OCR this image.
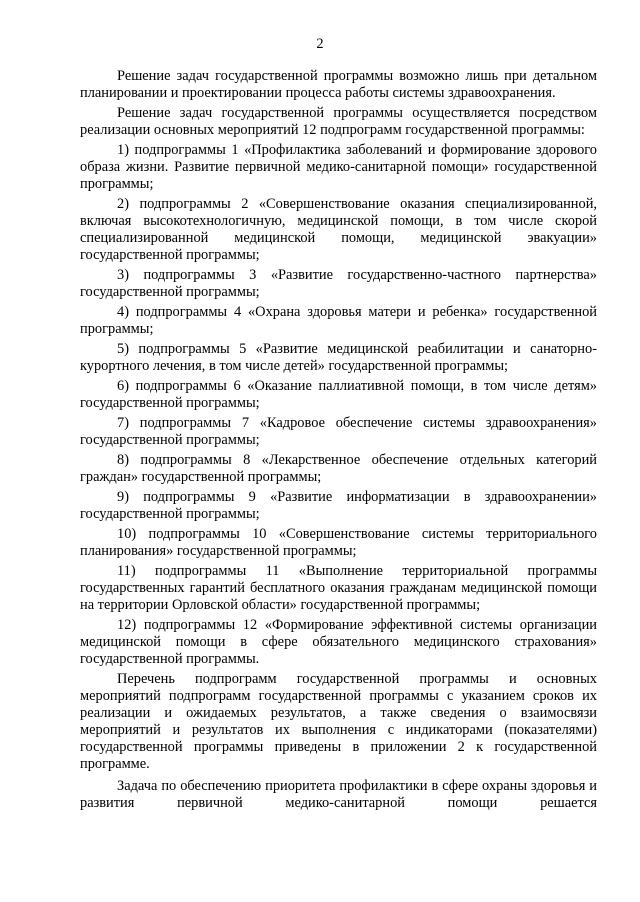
2

Решение задач государственной программы возможно лишь при детальном планировании и проектировании процесса работы системы здравоохранения.

Решение задач государственной программы осуществляется посредством реализации основных мероприятий 12 подпрограмм государственной программы:

1) подпрограммы 1 «Профилактика заболеваний и формирование здорового образа жизни. Развитие первичной медико-санитарной помощи» государственной программы;

2) подпрограммы 2 «Совершенствование оказания специализированной, включая высокотехнологичную, медицинской помощи, в том числе скорой специализированной медицинской помощи, медицинской эвакуации» государственной программы;

3) подпрограммы 3 «Развитие государственно-частного партнерства» государственной программы;

4) подпрограммы 4 «Охрана здоровья матери и ребенка» государственной программы;

5) подпрограммы 5 «Развитие медицинской реабилитации и санаторно-курортного лечения, в том числе детей» государственной программы;

6) подпрограммы 6 «Оказание паллиативной помощи, в том числе детям» государственной программы;

7) подпрограммы 7 «Кадровое обеспечение системы здравоохранения» государственной программы;

8) подпрограммы 8 «Лекарственное обеспечение отдельных категорий граждан» государственной программы;

9) подпрограммы 9 «Развитие информатизации в здравоохранении» государственной программы;

10) подпрограммы 10 «Совершенствование системы территориального планирования» государственной программы;

11) подпрограммы 11 «Выполнение территориальной программы государственных гарантий бесплатного оказания гражданам медицинской помощи на территории Орловской области» государственной программы;

12) подпрограммы 12 «Формирование эффективной системы организации медицинской помощи в сфере обязательного медицинского страхования» государственной программы.

Перечень подпрограмм государственной программы и основных мероприятий подпрограмм государственной программы с указанием сроков их реализации и ожидаемых результатов, а также сведения о взаимосвязи мероприятий и результатов их выполнения с индикаторами (показателями) государственной программы приведены в приложении 2 к государственной программе.

Задача по обеспечению приоритета профилактики в сфере охраны здоровья и развития первичной медико-санитарной помощи решается
